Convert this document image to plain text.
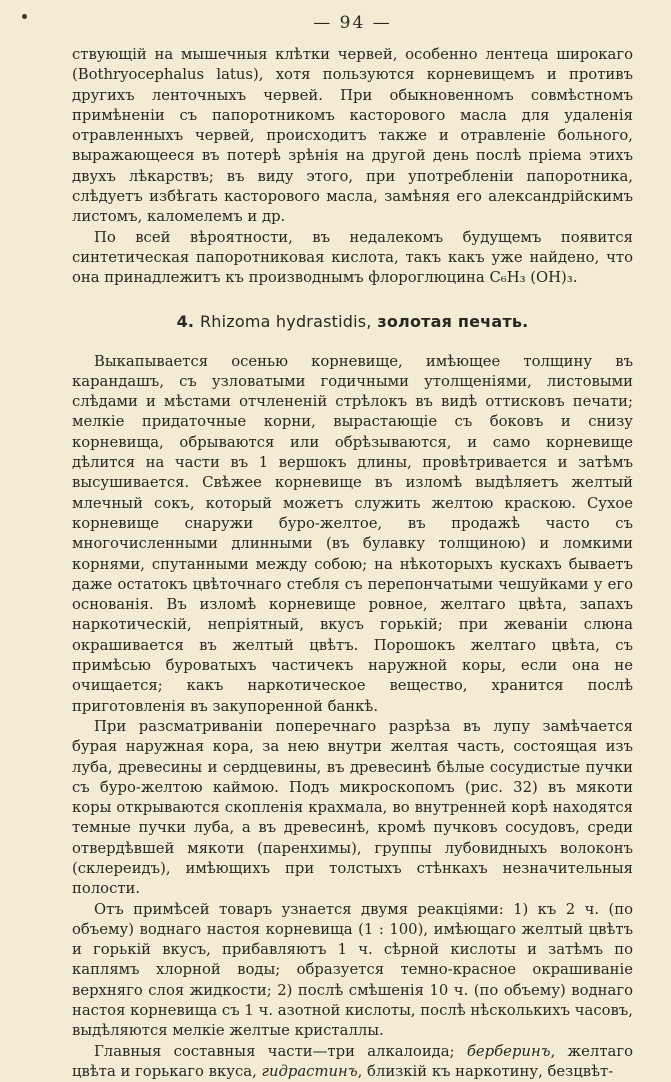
— 94 —

ствующій на мышечныя клѣтки червей, особенно лентеца широкаго (Bothryocephalus latus), хотя пользуются корневищемъ и противъ другихъ ленточныхъ червей. При обыкновенномъ совмѣстномъ примѣненіи съ папоротникомъ касторового масла для удаленія отравленныхъ червей, происходитъ также и отравленіе больного, выражающееся въ потерѣ зрѣнія на другой день послѣ пріема этихъ двухъ лѣкарствъ; въ виду этого, при употребленіи папоротника, слѣдуетъ избѣгать касторового масла, замѣняя его александрійскимъ листомъ, каломелемъ и др.

По всей вѣроятности, въ недалекомъ будущемъ появится синтетическая папоротниковая кислота, такъ какъ уже найдено, что она принадлежитъ къ производнымъ флороглюцина C₆H₃ (OH)₃.

4. Rhizoma hydrastidis, золотая печать.

Выкапывается осенью корневище, имѣющее толщину въ карандашъ, съ узловатыми годичными утолщеніями, листовыми слѣдами и мѣстами отчлененій стрѣлокъ въ видѣ оттисковъ печати; мелкіе придаточные корни, вырастающіе съ боковъ и снизу корневища, обрываются или обрѣзываются, и само корневище дѣлится на части въ 1 вершокъ длины, провѣтривается и затѣмъ высушивается. Свѣжее корневище въ изломѣ выдѣляетъ желтый млечный сокъ, который можетъ служить желтою краскою. Сухое корневище снаружи буро-желтое, въ продажѣ часто съ многочисленными длинными (въ булавку толщиною) и ломкими корнями, спутанными между собою; на нѣкоторыхъ кускахъ бываетъ даже остатокъ цвѣточнаго стебля съ перепончатыми чешуйками у его основанія. Въ изломѣ корневище ровное, желтаго цвѣта, запахъ наркотическій, непріятный, вкусъ горькій; при жеваніи слюна окрашивается въ желтый цвѣтъ. Порошокъ желтаго цвѣта, съ примѣсью буроватыхъ частичекъ наружной коры, если она не очищается; какъ наркотическое вещество, хранится послѣ приготовленія въ закупоренной банкѣ.

При разсматриваніи поперечнаго разрѣза въ лупу замѣчается бурая наружная кора, за нею внутри желтая часть, состоящая изъ луба, древесины и сердцевины, въ древесинѣ бѣлые сосудистые пучки съ буро-желтою каймою. Подъ микроскопомъ (рис. 32) въ мякоти коры открываются скопленія крахмала, во внутренней корѣ находятся темные пучки луба, а въ древесинѣ, кромѣ пучковъ сосудовъ, среди отвердѣвшей мякоти (паренхимы), группы лубовидныхъ волоконъ (склереидъ), имѣющихъ при толстыхъ стѣнкахъ незначительныя полости.

Отъ примѣсей товаръ узнается двумя реакціями: 1) къ 2 ч. (по объему) воднаго настоя корневища (1 : 100), имѣющаго желтый цвѣтъ и горькій вкусъ, прибавляютъ 1 ч. сѣрной кислоты и затѣмъ по каплямъ хлорной воды; образуется темно-красное окрашиваніе верхняго слоя жидкости; 2) послѣ смѣшенія 10 ч. (по объему) воднаго настоя корневища съ 1 ч. азотной кислоты, послѣ нѣсколькихъ часовъ, выдѣляются мелкіе желтые кристаллы.

Главныя составныя части—три алкалоида; берберинъ, желтаго цвѣта и горькаго вкуса, гидрастинъ, близкій къ наркотину, безцвѣт-
